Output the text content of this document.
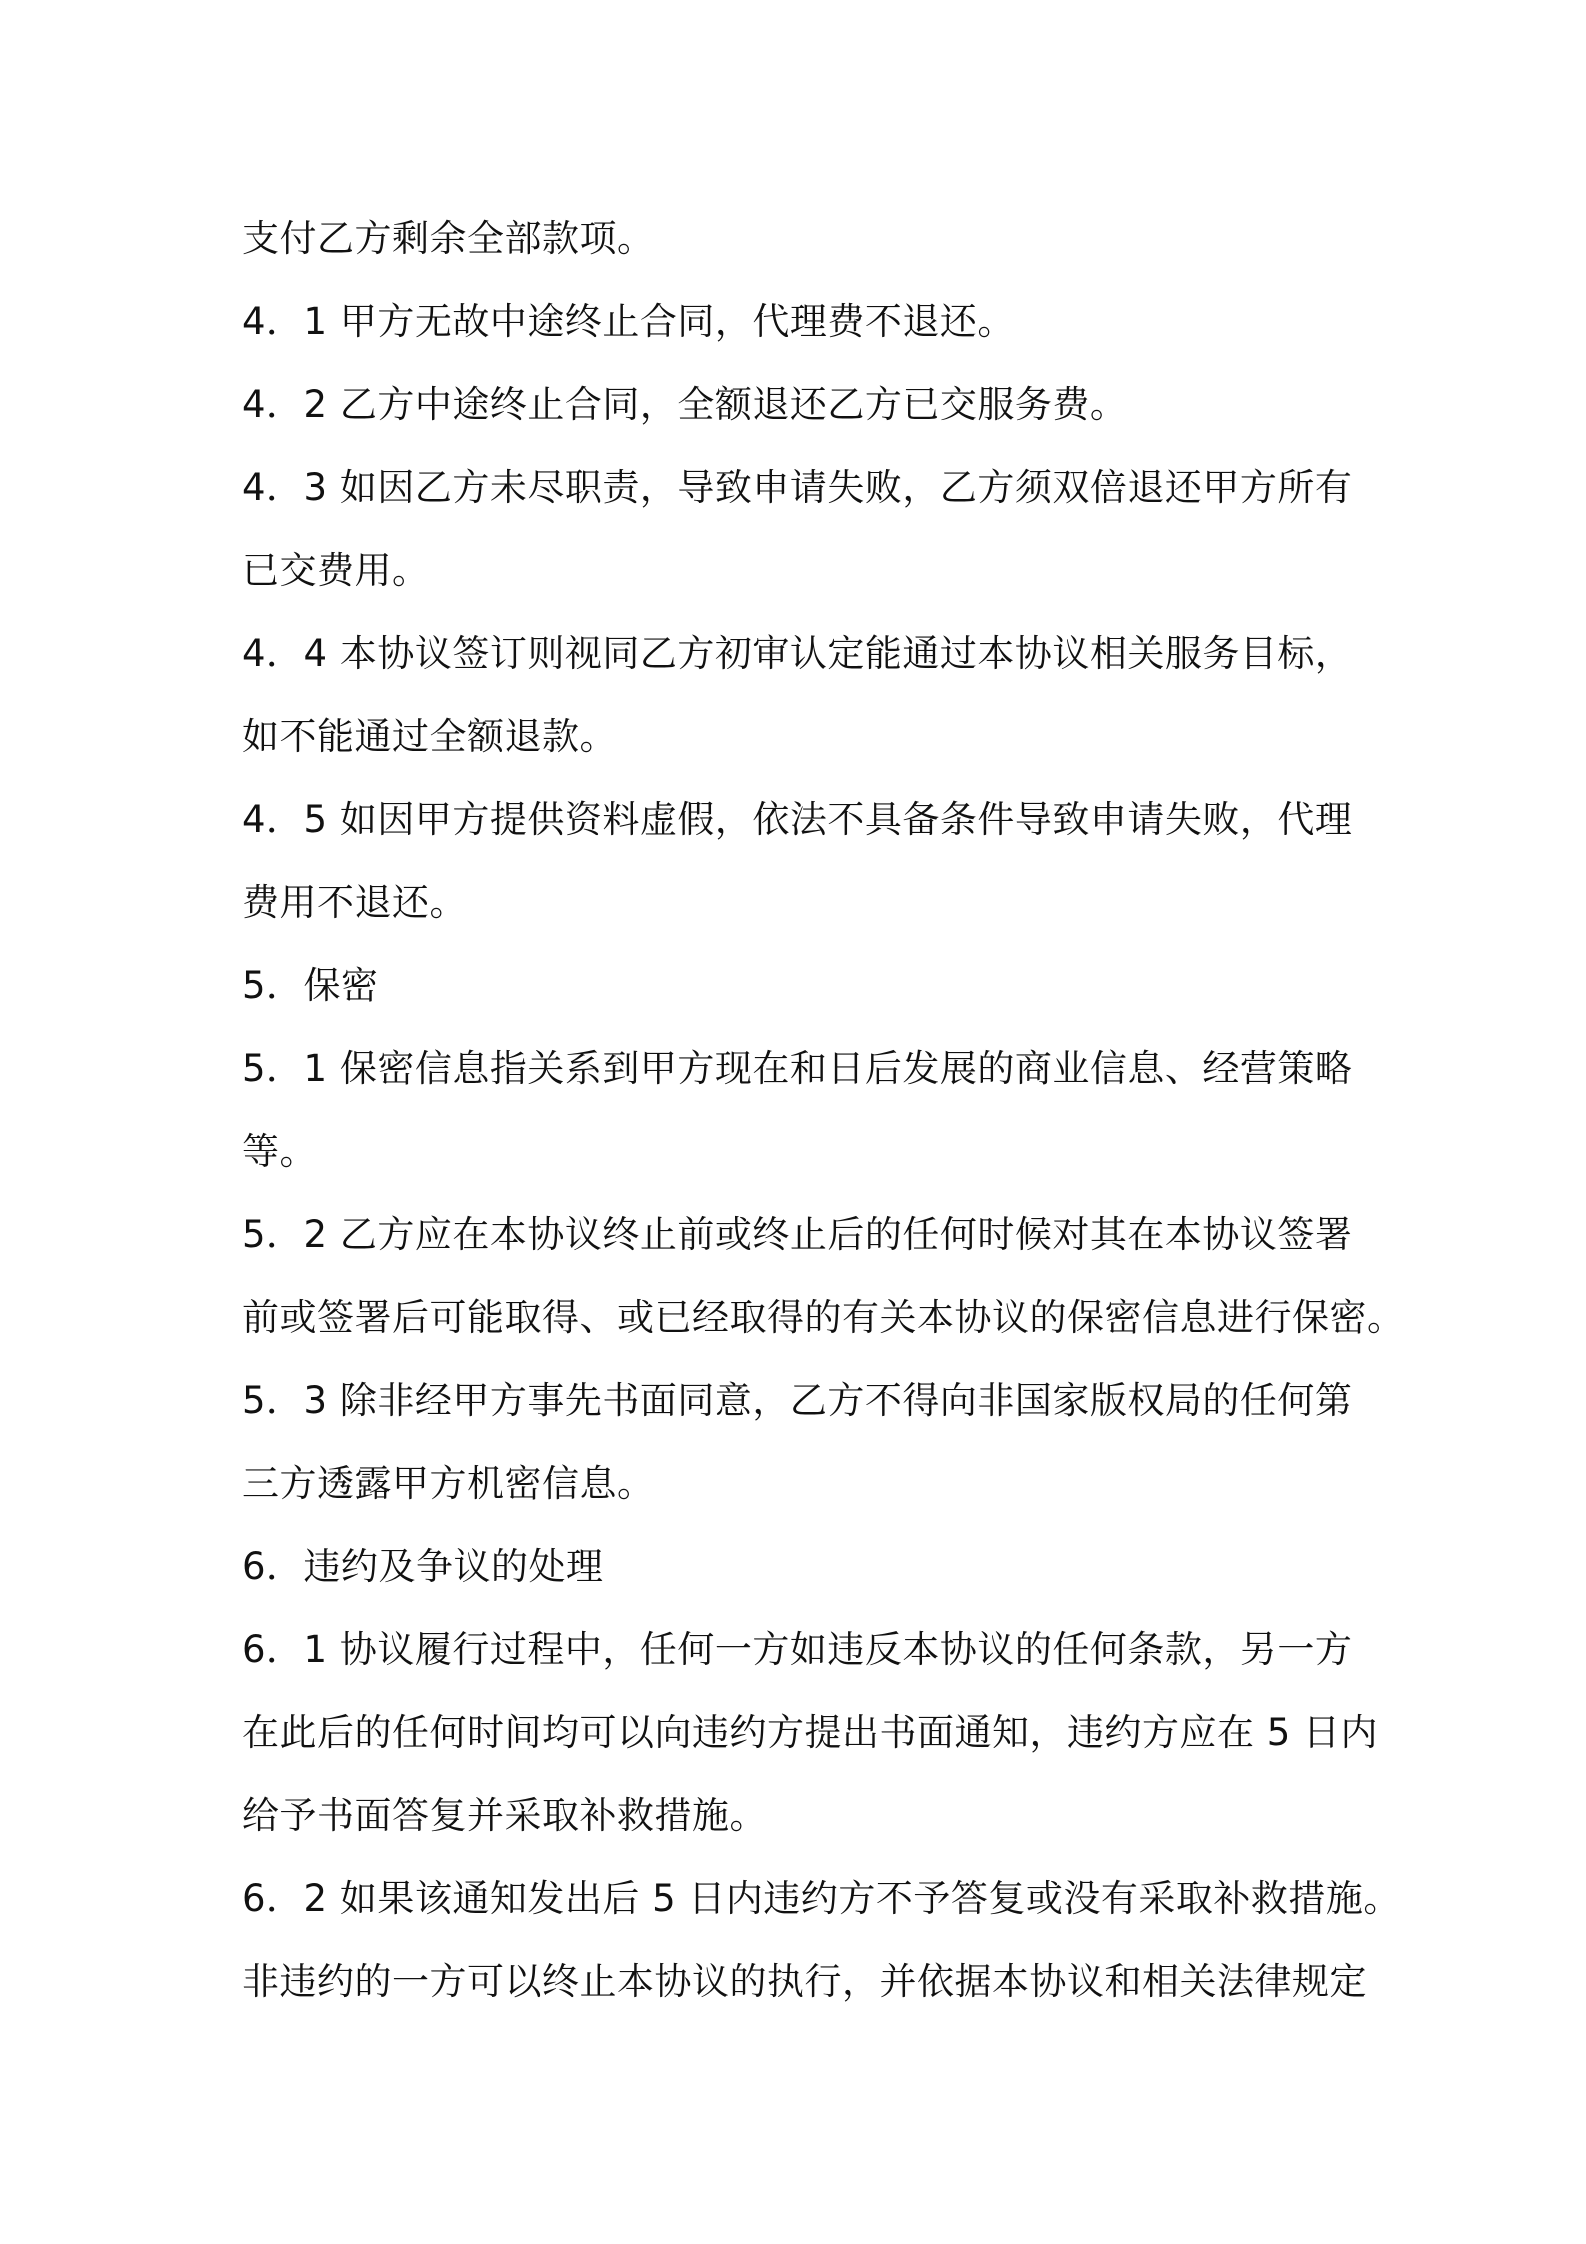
支付乙方剩余全部款项。
4．1 甲方无故中途终止合同，代理费不退还。
4．2 乙方中途终止合同，全额退还乙方已交服务费。
4．3 如因乙方未尽职责，导致申请失败，乙方须双倍退还甲方所有
已交费用。
4．4 本协议签订则视同乙方初审认定能通过本协议相关服务目标，
如不能通过全额退款。
4．5 如因甲方提供资料虚假，依法不具备条件导致申请失败，代理
费用不退还。
5．保密
5．1 保密信息指关系到甲方现在和日后发展的商业信息、经营策略
等。
5．2 乙方应在本协议终止前或终止后的任何时候对其在本协议签署
前或签署后可能取得、或已经取得的有关本协议的保密信息进行保密。
5．3 除非经甲方事先书面同意，乙方不得向非国家版权局的任何第
三方透露甲方机密信息。
6．违约及争议的处理
6．1 协议履行过程中，任何一方如违反本协议的任何条款，另一方
在此后的任何时间均可以向违约方提出书面通知，违约方应在 5 日内
给予书面答复并采取补救措施。
6．2 如果该通知发出后 5 日内违约方不予答复或没有采取补救措施。
非违约的一方可以终止本协议的执行，并依据本协议和相关法律规定
